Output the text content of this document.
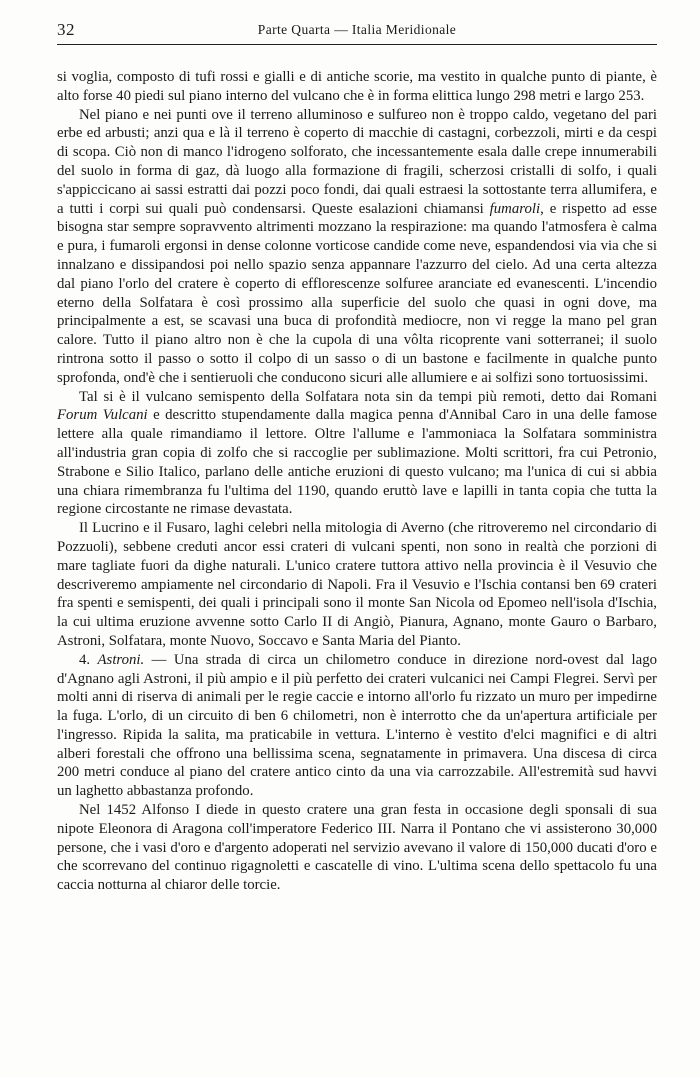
32	Parte Quarta — Italia Meridionale

si voglia, composto di tufi rossi e gialli e di antiche scorie, ma vestito in qualche punto di piante, è alto forse 40 piedi sul piano interno del vulcano che è in forma elittica lungo 298 metri e largo 253.

Nel piano e nei punti ove il terreno alluminoso e sulfureo non è troppo caldo, vegetano del pari erbe ed arbusti; anzi qua e là il terreno è coperto di macchie di castagni, corbezzoli, mirti e da cespi di scopa. Ciò non di manco l'idrogeno solforato, che incessantemente esala dalle crepe innumerabili del suolo in forma di gaz, dà luogo alla formazione di fragili, scherzosi cristalli di solfo, i quali s'appiccicano ai sassi estratti dai pozzi poco fondi, dai quali estraesi la sottostante terra allumifera, e a tutti i corpi sui quali può condensarsi. Queste esalazioni chiamansi fumaroli, e rispetto ad esse bisogna star sempre sopravvento altrimenti mozzano la respirazione: ma quando l'atmosfera è calma e pura, i fumaroli ergonsi in dense colonne vorticose candide come neve, espandendosi via via che si innalzano e dissipandosi poi nello spazio senza appannare l'azzurro del cielo. Ad una certa altezza dal piano l'orlo del cratere è coperto di efflorescenze solfuree aranciate ed evanescenti. L'incendio eterno della Solfatara è così prossimo alla superficie del suolo che quasi in ogni dove, ma principalmente a est, se scavasi una buca di profondità mediocre, non vi regge la mano pel gran calore. Tutto il piano altro non è che la cupola di una vôlta ricoprente vani sotterranei; il suolo rintrona sotto il passo o sotto il colpo di un sasso o di un bastone e facilmente in qualche punto sprofonda, ond'è che i sentieruoli che conducono sicuri alle allumiere e ai solfizi sono tortuosissimi.

Tal si è il vulcano semispento della Solfatara nota sin da tempi più remoti, detto dai Romani Forum Vulcani e descritto stupendamente dalla magica penna d'Annibal Caro in una delle famose lettere alla quale rimandiamo il lettore. Oltre l'allume e l'ammoniaca la Solfatara somministra all'industria gran copia di zolfo che si raccoglie per sublimazione. Molti scrittori, fra cui Petronio, Strabone e Silio Italico, parlano delle antiche eruzioni di questo vulcano; ma l'unica di cui si abbia una chiara rimembranza fu l'ultima del 1190, quando eruttò lave e lapilli in tanta copia che tutta la regione circostante ne rimase devastata.

Il Lucrino e il Fusaro, laghi celebri nella mitologia di Averno (che ritroveremo nel circondario di Pozzuoli), sebbene creduti ancor essi crateri di vulcani spenti, non sono in realtà che porzioni di mare tagliate fuori da dighe naturali. L'unico cratere tuttora attivo nella provincia è il Vesuvio che descriveremo ampiamente nel circondario di Napoli. Fra il Vesuvio e l'Ischia contansi ben 69 crateri fra spenti e semispenti, dei quali i principali sono il monte San Nicola od Epomeo nell'isola d'Ischia, la cui ultima eruzione avvenne sotto Carlo II di Angiò, Pianura, Agnano, monte Gauro o Barbaro, Astroni, Solfatara, monte Nuovo, Soccavo e Santa Maria del Pianto.

4. Astroni. — Una strada di circa un chilometro conduce in direzione nord-ovest dal lago d'Agnano agli Astroni, il più ampio e il più perfetto dei crateri vulcanici nei Campi Flegrei. Servì per molti anni di riserva di animali per le regie caccie e intorno all'orlo fu rizzato un muro per impedirne la fuga. L'orlo, di un circuito di ben 6 chilometri, non è interrotto che da un'apertura artificiale per l'ingresso. Ripida la salita, ma praticabile in vettura. L'interno è vestito d'elci magnifici e di altri alberi forestali che offrono una bellissima scena, segnatamente in primavera. Una discesa di circa 200 metri conduce al piano del cratere antico cinto da una via carrozzabile. All'estremità sud havvi un laghetto abbastanza profondo.

Nel 1452 Alfonso I diede in questo cratere una gran festa in occasione degli sponsali di sua nipote Eleonora di Aragona coll'imperatore Federico III. Narra il Pontano che vi assisterono 30,000 persone, che i vasi d'oro e d'argento adoperati nel servizio avevano il valore di 150,000 ducati d'oro e che scorrevano del continuo rigagnoletti e cascatelle di vino. L'ultima scena dello spettacolo fu una caccia notturna al chiaror delle torcie.
